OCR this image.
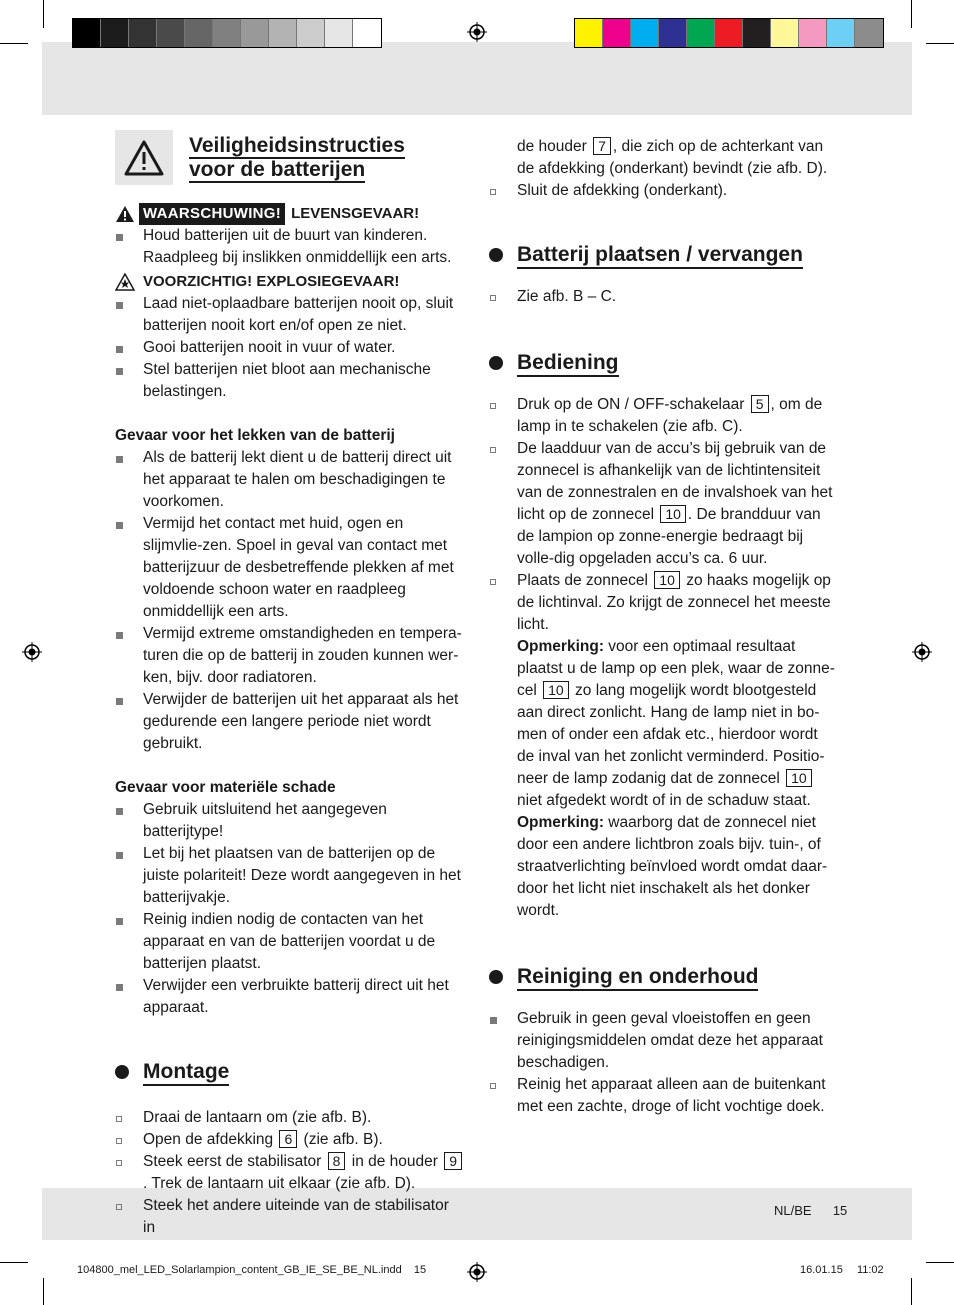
Veiligheidsinstructies
voor de batterijen
WAARSCHUWING! LEVENSGEVAAR!
Houd batterijen uit de buurt van kinderen. Raadpleeg bij inslikken onmiddellijk een arts.
VOORZICHTIG! EXPLOSIEGEVAAR!
Laad niet-oplaadbare batterijen nooit op, sluit batterijen nooit kort en/of open ze niet.
Gooi batterijen nooit in vuur of water.
Stel batterijen niet bloot aan mechanische belastingen.
Gevaar voor het lekken van de batterij
Als de batterij lekt dient u de batterij direct uit het apparaat te halen om beschadigingen te voorkomen.
Vermijd het contact met huid, ogen en slijmvlie-zen. Spoel in geval van contact met batterijzuur de desbetreffende plekken af met voldoende schoon water en raadpleeg onmiddellijk een arts.
Vermijd extreme omstandigheden en tempera-turen die op de batterij in zouden kunnen wer-ken, bijv. door radiatoren.
Verwijder de batterijen uit het apparaat als het gedurende een langere periode niet wordt gebruikt.
Gevaar voor materiële schade
Gebruik uitsluitend het aangegeven batterijtype!
Let bij het plaatsen van de batterijen op de juiste polariteit! Deze wordt aangegeven in het batterijvakje.
Reinig indien nodig de contacten van het apparaat en van de batterijen voordat u de batterijen plaatst.
Verwijder een verbruikte batterij direct uit het apparaat.
Montage
Draai de lantaarn om (zie afb. B).
Open de afdekking 6 (zie afb. B).
Steek eerst de stabilisator 8 in de houder 9. Trek de lantaarn uit elkaar (zie afb. D).
Steek het andere uiteinde van de stabilisator in
de houder 7 , die zich op de achterkant van de afdekking (onderkant) bevindt (zie afb. D).
Sluit de afdekking (onderkant).
Batterij plaatsen / vervangen
Zie afb. B – C.
Bediening
Druk op de ON / OFF-schakelaar 5 , om de lamp in te schakelen (zie afb. C).
De laadduur van de accu’s bij gebruik van de zonnecel is afhankelijk van de lichtintensiteit van de zonnestralen en de invalshoek van het licht op de zonnecel 10 . De brandduur van de lampion op zonne-energie bedraagt bij volle-dig opgeladen accu’s ca. 6 uur.
Plaats de zonnecel 10 zo haaks mogelijk op de lichtinval. Zo krijgt de zonnecel het meeste licht.
Opmerking: voor een optimaal resultaat plaatst u de lamp op een plek, waar de zonne-cel 10 zo lang mogelijk wordt blootgesteld aan direct zonlicht. Hang de lamp niet in bo-men of onder een afdak etc., hierdoor wordt de inval van het zonlicht verminderd. Positio-neer de lamp zodanig dat de zonnecel 10 niet afgedekt wordt of in de schaduw staat.
Opmerking: waarborg dat de zonnecel niet door een andere lichtbron zoals bijv. tuin-, of straatverlichting beïnvloed wordt omdat daar-door het licht niet inschakelt als het donker wordt.
Reiniging en onderhoud
Gebruik in geen geval vloeistoffen en geen reinigingsmiddelen omdat deze het apparaat beschadigen.
Reinig het apparaat alleen aan de buitenkant met een zachte, droge of licht vochtige doek.
NL/BE 15
104800_mel_LED_Solarlampion_content_GB_IE_SE_BE_NL.indd 15	16.01.15 11:02
